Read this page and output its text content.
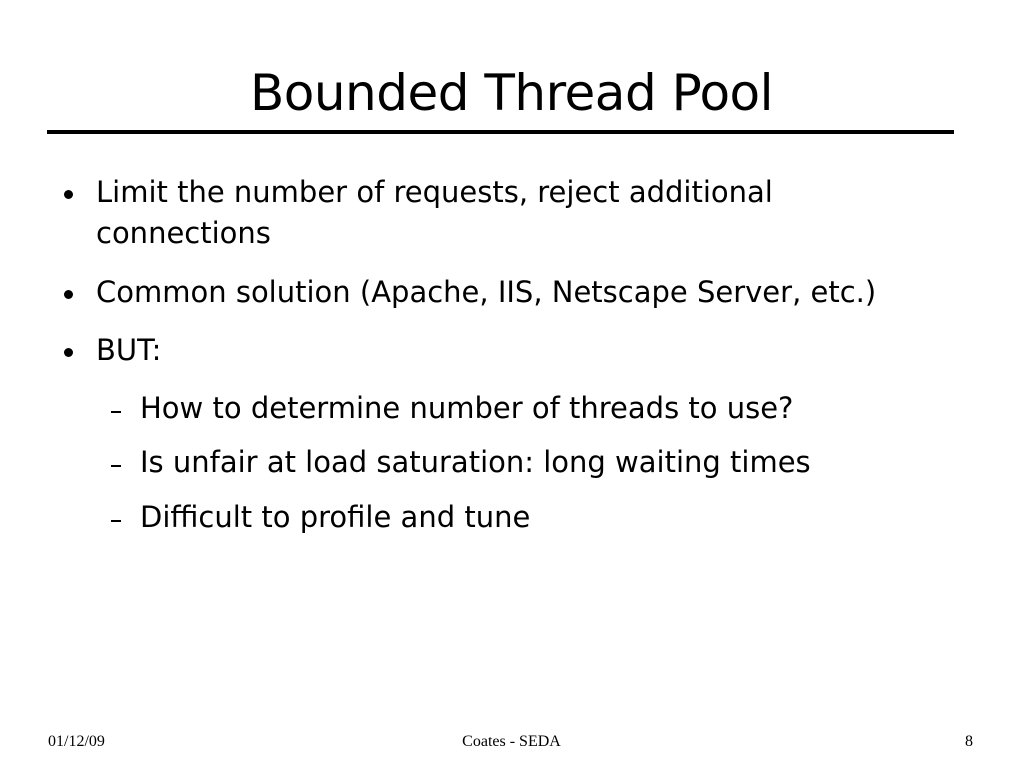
Bounded Thread Pool
Limit the number of requests, reject additional
connections
Common solution (Apache, IIS, Netscape Server, etc.)
BUT:
How to determine number of threads to use?
Is unfair at load saturation: long waiting times
Difficult to profile and tune
01/12/09	Coates - SEDA	8
